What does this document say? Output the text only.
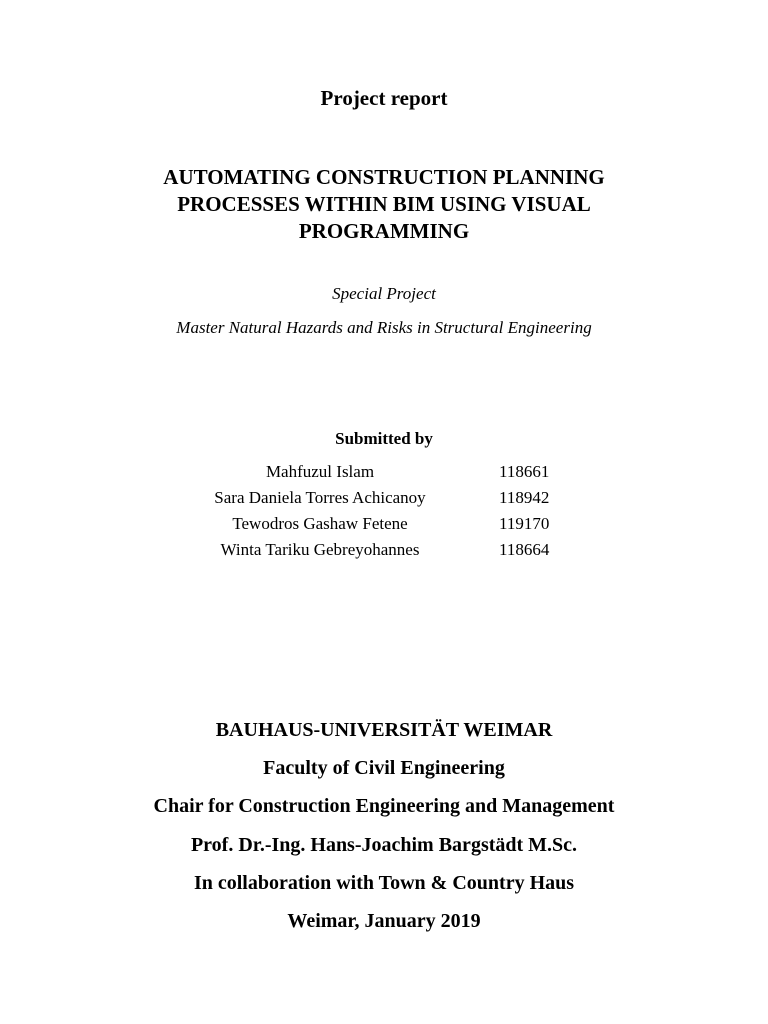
Project report
AUTOMATING CONSTRUCTION PLANNING
PROCESSES WITHIN BIM USING VISUAL
PROGRAMMING
Special Project
Master Natural Hazards and Risks in Structural Engineering
Submitted by
Mahfuzul Islam	118661
Sara Daniela Torres Achicanoy	118942
Tewodros Gashaw Fetene	119170
Winta Tariku Gebreyohannes	118664
BAUHAUS-UNIVERSITÄT WEIMAR
Faculty of Civil Engineering
Chair for Construction Engineering and Management
Prof. Dr.-Ing. Hans-Joachim Bargstädt M.Sc.
In collaboration with Town & Country Haus
Weimar, January 2019
